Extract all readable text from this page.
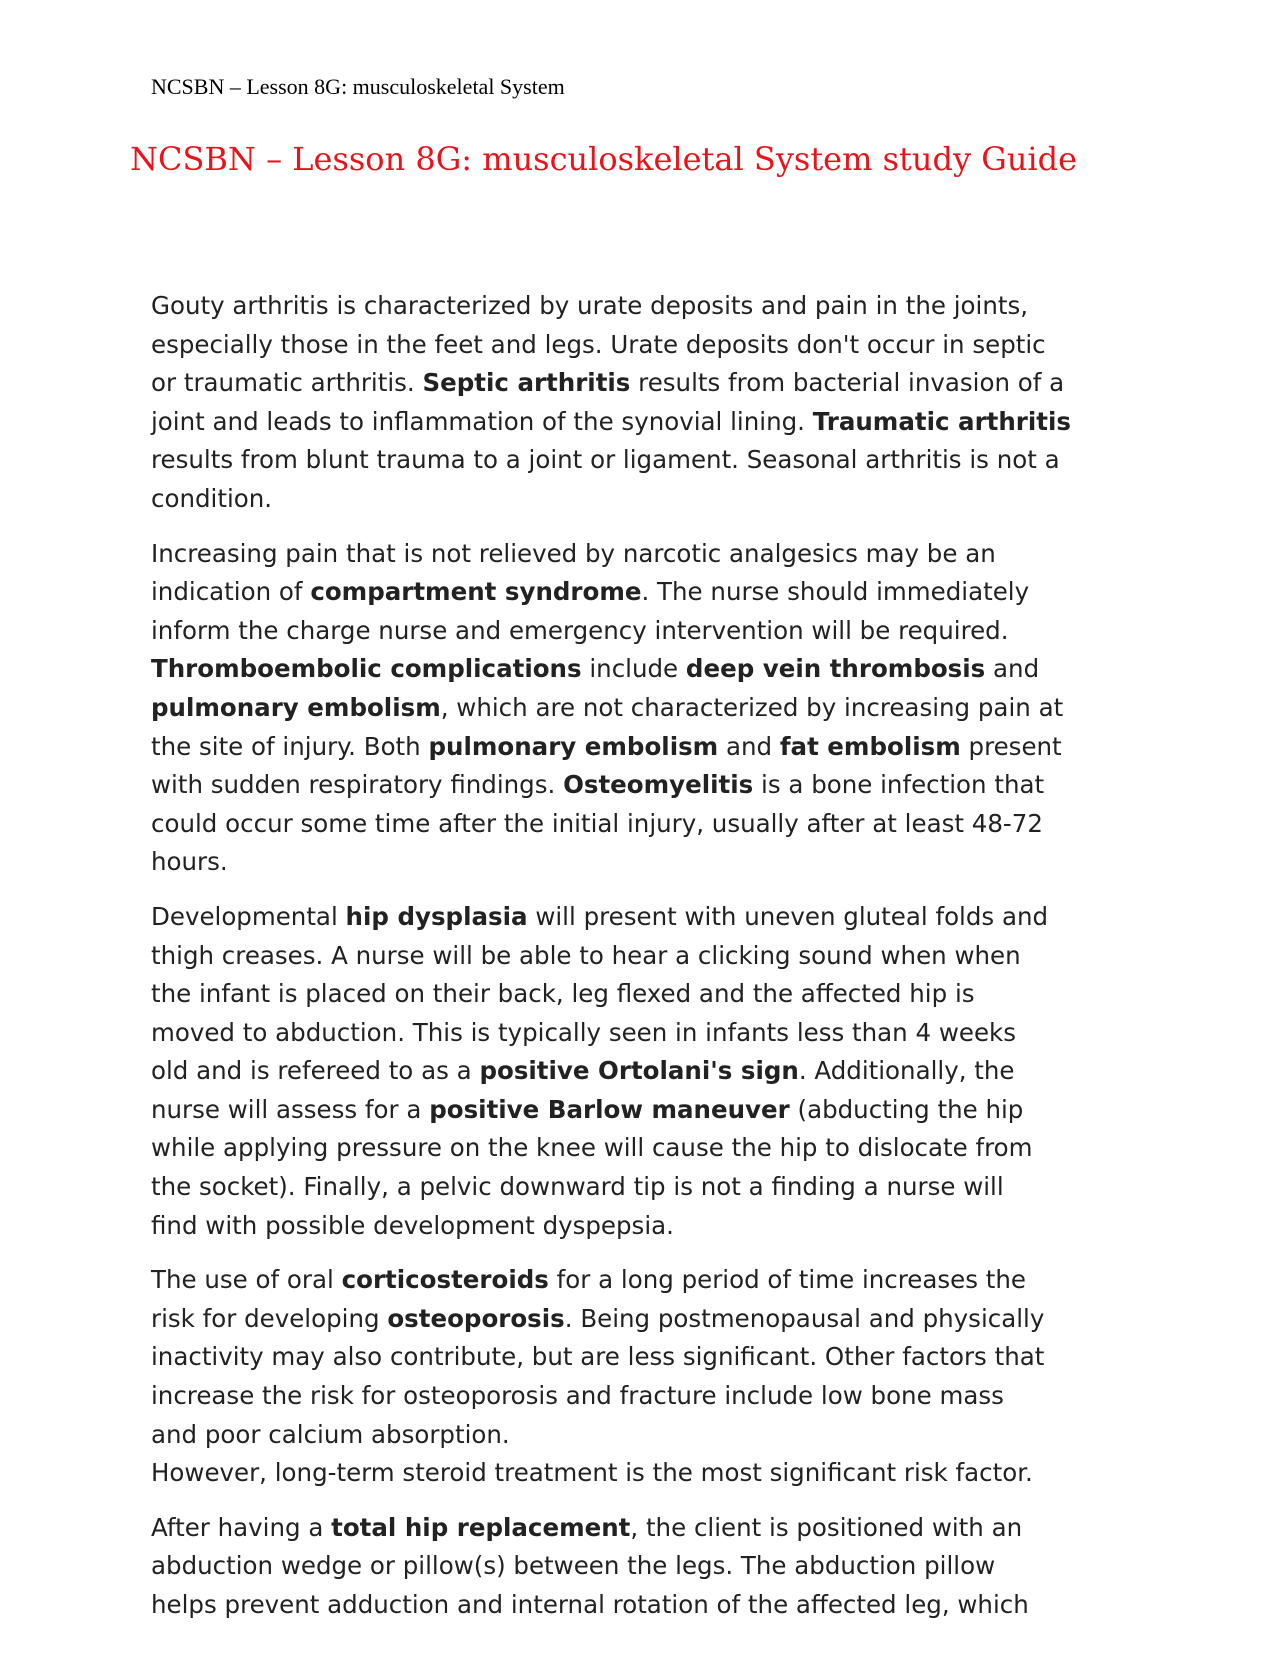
NCSBN – Lesson 8G: musculoskeletal System
NCSBN – Lesson 8G: musculoskeletal System study Guide

Gouty arthritis is characterized by urate deposits and pain in the joints,
especially those in the feet and legs. Urate deposits don't occur in septic
or traumatic arthritis. Septic arthritis results from bacterial invasion of a
joint and leads to inflammation of the synovial lining. Traumatic arthritis
results from blunt trauma to a joint or ligament. Seasonal arthritis is not a
condition.

Increasing pain that is not relieved by narcotic analgesics may be an
indication of compartment syndrome. The nurse should immediately
inform the charge nurse and emergency intervention will be required.
Thromboembolic complications include deep vein thrombosis and
pulmonary embolism, which are not characterized by increasing pain at
the site of injury. Both pulmonary embolism and fat embolism present
with sudden respiratory findings. Osteomyelitis is a bone infection that
could occur some time after the initial injury, usually after at least 48-72
hours.

Developmental hip dysplasia will present with uneven gluteal folds and
thigh creases. A nurse will be able to hear a clicking sound when when
the infant is placed on their back, leg flexed and the affected hip is
moved to abduction. This is typically seen in infants less than 4 weeks
old and is refereed to as a positive Ortolani's sign. Additionally, the
nurse will assess for a positive Barlow maneuver (abducting the hip
while applying pressure on the knee will cause the hip to dislocate from
the socket). Finally, a pelvic downward tip is not a finding a nurse will
find with possible development dyspepsia.

The use of oral corticosteroids for a long period of time increases the
risk for developing osteoporosis. Being postmenopausal and physically
inactivity may also contribute, but are less significant. Other factors that
increase the risk for osteoporosis and fracture include low bone mass
and poor calcium absorption.
However, long-term steroid treatment is the most significant risk factor.

After having a total hip replacement, the client is positioned with an
abduction wedge or pillow(s) between the legs. The abduction pillow
helps prevent adduction and internal rotation of the affected leg, which
